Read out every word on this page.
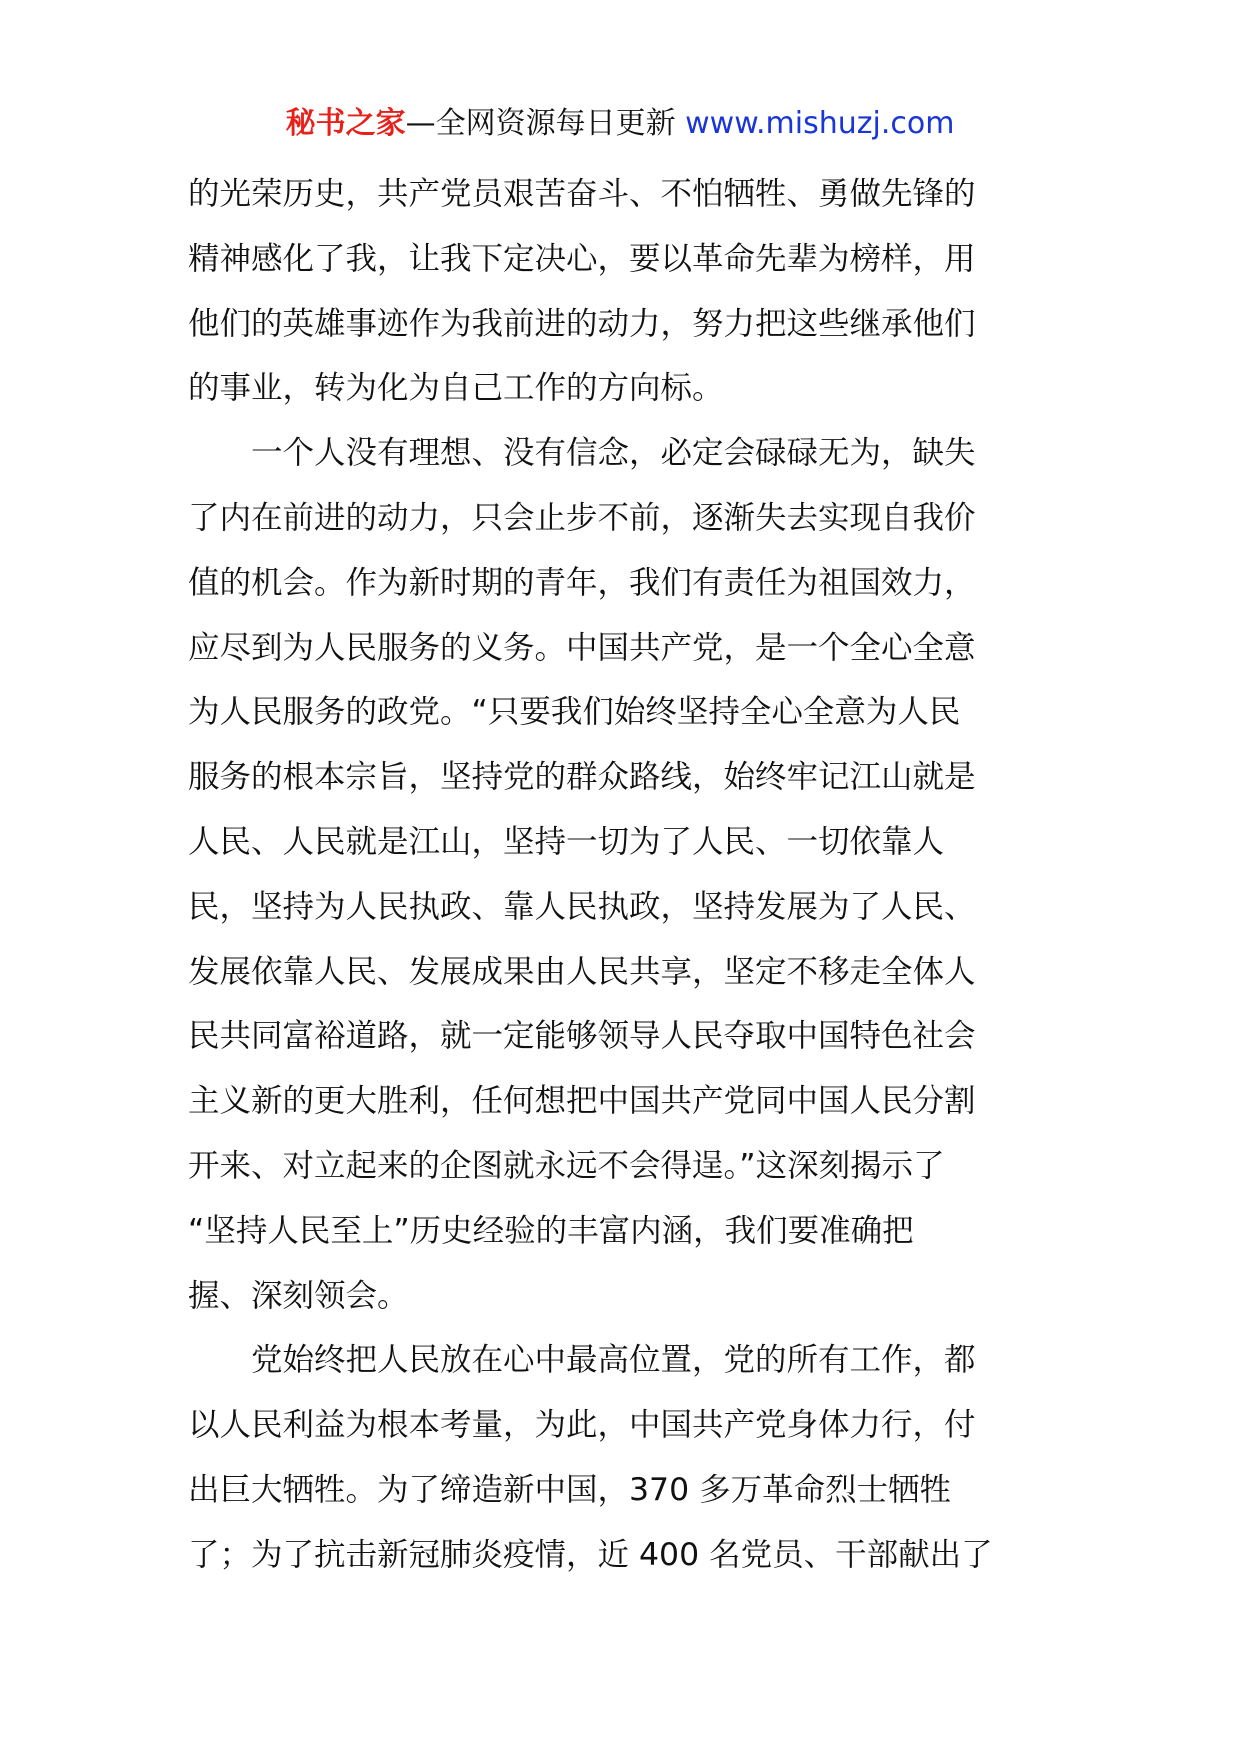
秘书之家—全网资源每日更新 www.mishuzj.com
的光荣历史，共产党员艰苦奋斗、不怕牺牲、勇做先锋的
精神感化了我，让我下定决心，要以革命先辈为榜样，用
他们的英雄事迹作为我前进的动力，努力把这些继承他们
的事业，转为化为自己工作的方向标。
　　一个人没有理想、没有信念，必定会碌碌无为，缺失
了内在前进的动力，只会止步不前，逐渐失去实现自我价
值的机会。作为新时期的青年，我们有责任为祖国效力，
应尽到为人民服务的义务。中国共产党，是一个全心全意
为人民服务的政党。“只要我们始终坚持全心全意为人民
服务的根本宗旨，坚持党的群众路线，始终牢记江山就是
人民、人民就是江山，坚持一切为了人民、一切依靠人
民，坚持为人民执政、靠人民执政，坚持发展为了人民、
发展依靠人民、发展成果由人民共享，坚定不移走全体人
民共同富裕道路，就一定能够领导人民夺取中国特色社会
主义新的更大胜利，任何想把中国共产党同中国人民分割
开来、对立起来的企图就永远不会得逞。”这深刻揭示了
“坚持人民至上”历史经验的丰富内涵，我们要准确把
握、深刻领会。
　　党始终把人民放在心中最高位置，党的所有工作，都
以人民利益为根本考量，为此，中国共产党身体力行，付
出巨大牺牲。为了缔造新中国，370 多万革命烈士牺牲
了；为了抗击新冠肺炎疫情，近 400 名党员、干部献出了
